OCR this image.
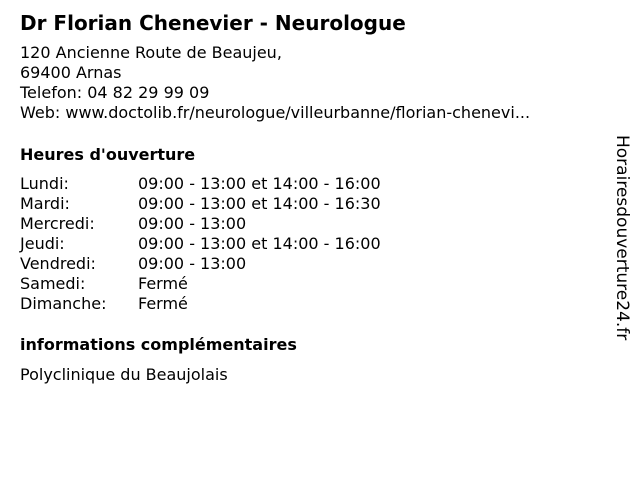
Dr Florian Chenevier - Neurologue
120 Ancienne Route de Beaujeu,
69400 Arnas
Telefon: 04 82 29 99 09
Web: www.doctolib.fr/neurologue/villeurbanne/florian-chenevi...
Heures d'ouverture
Lundi:	09:00 - 13:00 et 14:00 - 16:00
Mardi:	09:00 - 13:00 et 14:00 - 16:30
Mercredi:	09:00 - 13:00
Jeudi:	09:00 - 13:00 et 14:00 - 16:00
Vendredi:	09:00 - 13:00
Samedi:	Fermé
Dimanche:	Fermé
informations complémentaires
Polyclinique du Beaujolais
Horairesdouverture24.fr
